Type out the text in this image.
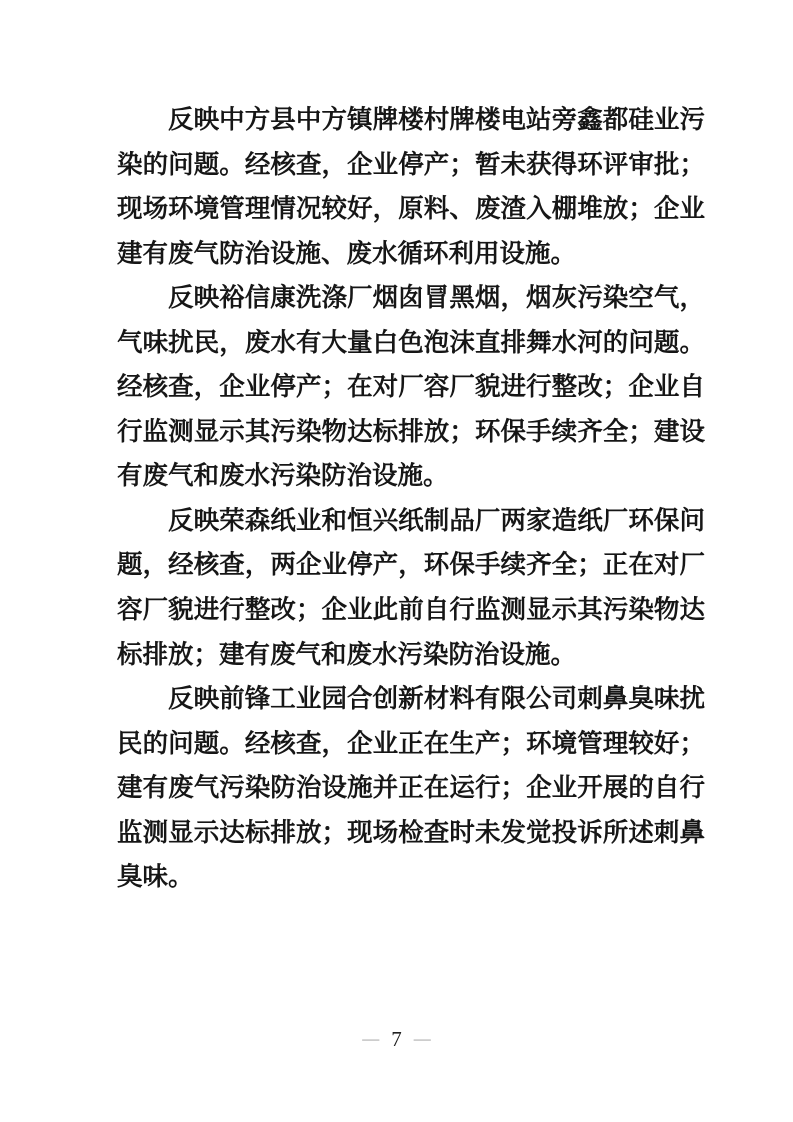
反映中方县中方镇牌楼村牌楼电站旁鑫都硅业污染的问题。经核查，企业停产；暂未获得环评审批；现场环境管理情况较好，原料、废渣入棚堆放；企业建有废气防治设施、废水循环利用设施。

反映裕信康洗涤厂烟囱冒黑烟，烟灰污染空气，气味扰民，废水有大量白色泡沫直排舞水河的问题。经核查，企业停产；在对厂容厂貌进行整改；企业自行监测显示其污染物达标排放；环保手续齐全；建设有废气和废水污染防治设施。

反映荣森纸业和恒兴纸制品厂两家造纸厂环保问题，经核查，两企业停产，环保手续齐全；正在对厂容厂貌进行整改；企业此前自行监测显示其污染物达标排放；建有废气和废水污染防治设施。

反映前锋工业园合创新材料有限公司刺鼻臭味扰民的问题。经核查，企业正在生产；环境管理较好；建有废气污染防治设施并正在运行；企业开展的自行监测显示达标排放；现场检查时未发觉投诉所述刺鼻臭味。

— 7 —
